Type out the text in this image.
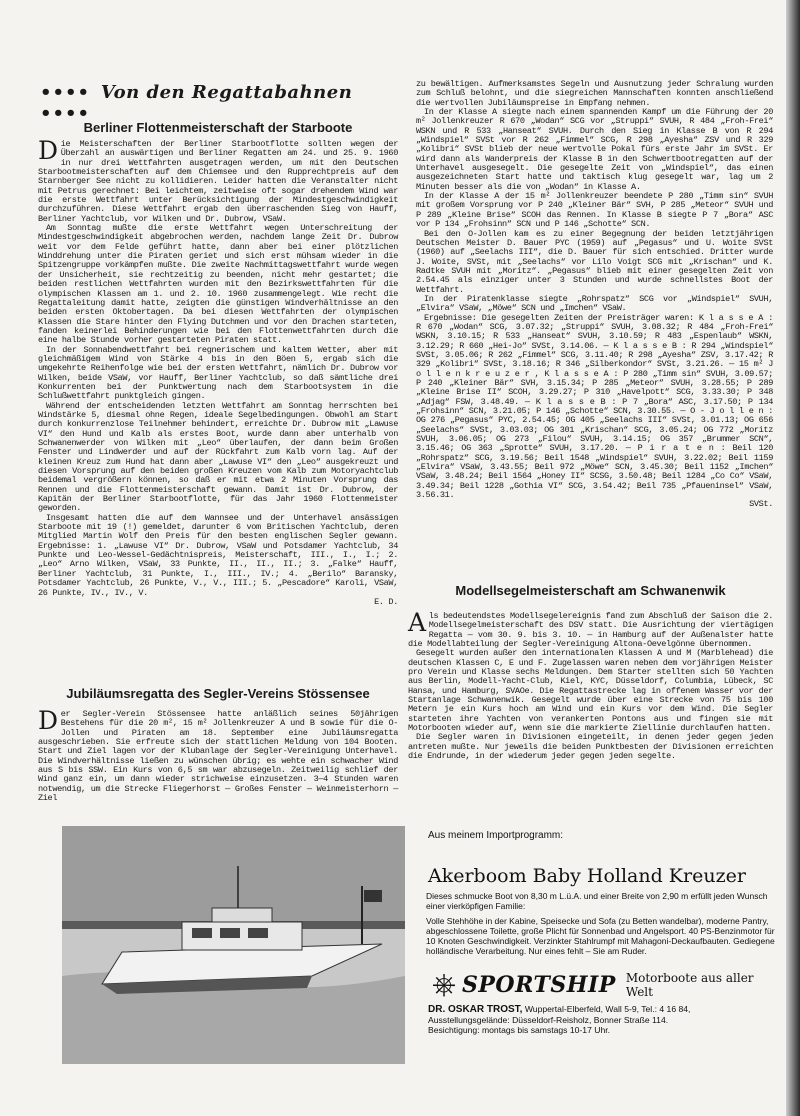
•••• Von den Regattabahnen ••••
Berliner Flottenmeisterschaft der Starboote

Die Meisterschaften der Berliner Starbootflotte sollten wegen der Überzahl an auswärtigen und Berliner Regatten am 24. und 25. 9. 1960 in nur drei Wettfahrten ausgetragen werden, um mit den Deutschen Starbootmeisterschaften auf dem Chiemsee und den Rupprechtpreis auf dem Starnberger See nicht zu kollidieren. Leider hatten die Veranstalter nicht mit Petrus gerechnet: Bei leichtem, zeitweise oft sogar drehendem Wind war die erste Wettfahrt unter Berücksichtigung der Mindestgeschwindigkeit durchzuführen. Diese Wettfahrt ergab den überraschenden Sieg von Hauff, Berliner Yachtclub, vor Wilken und Dr. Dubrow, VSaW.

Am Sonntag mußte die erste Wettfahrt wegen Unterschreitung der Mindestgeschwindigkeit abgebrochen werden, nachdem lange Zeit Dr. Dubrow weit vor dem Felde geführt hatte, dann aber bei einer plötzlichen Winddrehung unter die Piraten geriet und sich erst mühsam wieder in die Spitzengruppe vorkämpfen mußte. Die zweite Nachmittagswettfahrt wurde wegen der Unsicherheit, sie rechtzeitig zu beenden, nicht mehr gestartet; die beiden restlichen Wettfahrten wurden mit den Bezirkswettfahrten für die olympischen Klassen am 1. und 2. 10. 1960 zusammengelegt. Wie recht die Regattaleitung damit hatte, zeigten die günstigen Windverhältnisse an den beiden ersten Oktobertagen. Da bei diesen Wettfahrten der olympischen Klassen die Stare hinter den Flying Dutchmen und vor den Drachen starteten, fanden keinerlei Behinderungen wie bei den Flottenwettfahrten durch die eine halbe Stunde vorher gestarteten Piraten statt.

In der Sonnabendwettfahrt bei regnerischem und kaltem Wetter, aber mit gleichmäßigem Wind von Stärke 4 bis in den Böen 5, ergab sich die umgekehrte Reihenfolge wie bei der ersten Wettfahrt, nämlich Dr. Dubrow vor Wilken, beide VSaW, vor Hauff, Berliner Yachtclub, so daß sämtliche drei Konkurrenten bei der Punktwertung nach dem Starbootsystem in die Schlußwettfahrt punktgleich gingen.

Während der entscheidenden letzten Wettfahrt am Sonntag herrschten bei Windstärke 5, diesmal ohne Regen, ideale Segelbedingungen. Obwohl am Start durch konkurrenzlose Teilnehmer behindert, erreichte Dr. Dubrow mit „Lawuse VI“ den Hund und Kalb als erstes Boot, wurde dann aber unterhalb von Schwanenwerder von Wilken mit „Leo“ überlaufen, der dann beim Großen Fenster und Lindwerder und auf der Rückfahrt zum Kalb vorn lag. Auf der kleinen Kreuz zum Hund hat dann aber „Lawuse VI“ den „Leo“ ausgekreuzt und diesen Vorsprung auf den beiden großen Kreuzen vom Kalb zum Motoryachtclub beidemal vergrößern können, so daß er mit etwa 2 Minuten Vorsprung das Rennen und die Flottenmeisterschaft gewann. Damit ist Dr. Dubrow, der Kapitän der Berliner Starbootflotte, für das Jahr 1960 Flottenmeister geworden.

Insgesamt hatten die auf dem Wannsee und der Unterhavel ansässigen Starboote mit 19 (!) gemeldet, darunter 6 vom Britischen Yachtclub, deren Mitglied Martin Wolf den Preis für den besten englischen Segler gewann. Ergebnisse: 1. „Lawuse VI“ Dr. Dubrow, VSaW und Potsdamer Yachtclub, 34 Punkte und Leo-Wessel-Gedächtnispreis, Meisterschaft, III., I., I.; 2. „Leo“ Arno Wilken, VSaW, 33 Punkte, II., II., II.; 3. „Falke“ Hauff, Berliner Yachtclub, 31 Punkte, I., III., IV.; 4. „Berilo“ Baransky, Potsdamer Yachtclub, 26 Punkte, V., V., III.; 5. „Pescadore“ Karoli, VSaW, 26 Punkte, IV., IV., V.

E. D.
Jubiläumsregatta des Segler-Vereins Stössensee

Der Segler-Verein Stössensee hatte anläßlich seines 50jährigen Bestehens für die 20 m², 15 m² Jollenkreuzer A und B sowie für die O-Jollen und Piraten am 18. September eine Jubiläumsregatta ausgeschrieben. Sie erfreute sich der stattlichen Meldung von 104 Booten. Start und Ziel lagen vor der Klubanlage der Segler-Vereinigung Unterhavel. Die Windverhältnisse ließen zu wünschen übrig; es wehte ein schwacher Wind aus S bis SSW. Ein Kurs von 6,5 sm war abzusegeln. Zeitweilig schlief der Wind ganz ein, um dann wieder strichweise einzusetzen. 3—4 Stunden waren notwendig, um die Strecke Fliegerhorst — Großes Fenster — Weinmeisterhorn — Ziel

zu bewältigen. Aufmerksamstes Segeln und Ausnutzung jeder Schralung wurden zum Schluß belohnt, und die siegreichen Mannschaften konnten anschließend die wertvollen Jubiläumspreise in Empfang nehmen.

In der Klasse A siegte nach einem spannenden Kampf um die Führung der 20 m² Jollenkreuzer R 670 „Wodan“ SCG vor „Struppi“ SVUH, R 484 „Froh-Frei“ WSKN und R 533 „Hanseat“ SVUH. Durch den Sieg in Klasse B von R 294 „Windspiel“ SVSt vor R 262 „Fimmel“ SCG, R 298 „Ayesha“ ZSV und R 329 „Kolibri“ SVSt blieb der neue wertvolle Pokal fürs erste Jahr im SVSt. Er wird dann als Wanderpreis der Klasse B in den Schwertbootregatten auf der Unterhavel ausgesegelt. Die gesegelte Zeit von „Windspiel“, das einen ausgezeichneten Start hatte und taktisch klug gesegelt war, lag um 2 Minuten besser als die von „Wodan“ in Klasse A.

In der Klasse A der 15 m² Jollenkreuzer beendete P 280 „Timm sin“ SVUH mit großem Vorsprung vor P 240 „Kleiner Bär“ SVH, P 285 „Meteor“ SVUH und P 289 „Kleine Brise“ SCOH das Rennen. In Klasse B siegte P 7 „Bora“ ASC vor P 134 „Frohsinn“ SCN und P 146 „Schotte“ SCN.

Bei den O-Jollen kam es zu einer Begegnung der beiden letztjährigen Deutschen Meister D. Bauer PYC (1959) auf „Pegasus“ und U. Woite SVSt (1960) auf „Seelachs III“, die D. Bauer für sich entschied. Dritter wurde J. Woite, SVSt, mit „Seelachs“ vor Lilo Voigt SCG mit „Krischan“ und K. Radtke SVUH mit „Moritz“. „Pegasus“ blieb mit einer gesegelten Zeit von 2.54.45 als einziger unter 3 Stunden und wurde schnellstes Boot der Wettfahrt.

In der Piratenklasse siegte „Rohrspatz“ SCG vor „Windspiel“ SVUH, „Elvira“ VSaW, „Möwe“ SCN und „Imchen“ VSaW.

Ergebnisse: Die gesegelten Zeiten der Preisträger waren: K l a s s e A : R 670 „Wodan“ SCG, 3.07.32; „Struppi“ SVUH, 3.08.32; R 484 „Froh-Frei“ WSKN, 3.10.15; R 533 „Hanseat“ SVUH, 3.10.59; R 483 „Espenlaub“ WSKN, 3.12.29; R 660 „Hei-Jo“ SVSt, 3.14.06. — K l a s s e B : R 294 „Windspiel“ SVSt, 3.05.06; R 262 „Fimmel“ SCG, 3.11.40; R 298 „Ayesha“ ZSV, 3.17.42; R 329 „Kolibri“ SVSt, 3.18.16; R 346 „Silberkondor“ SVSt, 3.21.26. — 15 m² J o l l e n k r e u z e r , K l a s s e A : P 280 „Timm sin“ SVUH, 3.09.57; P 240 „Kleiner Bär“ SVH, 3.15.34; P 285 „Meteor“ SVUH, 3.28.55; P 289 „Kleine Brise II“ SCOH, 3.29.27; P 310 „Havelpott“ SCG, 3.33.30; P 348 „Adjag“ FSW, 3.48.49. — K l a s s e B : P 7 „Bora“ ASC, 3.17.50; P 134 „Frohsinn“ SCN, 3.21.05; P 146 „Schotte“ SCN, 3.30.55. — O - J o l l e n : OG 276 „Pegasus“ PYC, 2.54.45; OG 405 „Seelachs III“ SVSt, 3.01.13; OG 656 „Seelachs“ SVSt, 3.03.03; OG 301 „Krischan“ SCG, 3.05.24; OG 772 „Moritz SVUH, 3.06.05; OG 273 „Filou“ SVUH, 3.14.15; OG 357 „Brummer SCN“, 3.15.46; OG 363 „Sprotte“ SVUH, 3.17.20. — P i r a t e n : Beil 120 „Rohrspatz“ SCG, 3.19.56; Beil 1548 „Windspiel“ SVUH, 3.22.02; Beil 1159 „Elvira“ VSaW, 3.43.55; Beil 972 „Möwe“ SCN, 3.45.30; Beil 1152 „Imchen“ VSaW, 3.48.24; Beil 1564 „Honey II“ SCSG, 3.50.48; Beil 1284 „Co Co“ VSaW, 3.49.34; Beil 1228 „Gothia VI“ SCG, 3.54.42; Beil 735 „Pfaueninsel“ VSaW, 3.56.31.

SVSt.
Modellsegelmeisterschaft am Schwanenwik

Als bedeutendstes Modellsegelereignis fand zum Abschluß der Saison die 2. Modellsegelmeisterschaft des DSV statt. Die Ausrichtung der viertägigen Regatta — vom 30. 9. bis 3. 10. — in Hamburg auf der Außenalster hatte die Modellabteilung der Segler-Vereinigung Altona-Oevelgönne übernommen.

Gesegelt wurden außer den internationalen Klassen A und M (Marblehead) die deutschen Klassen C, E und F. Zugelassen waren neben dem vorjährigen Meister pro Verein und Klasse sechs Meldungen. Dem Starter stellten sich 50 Yachten aus Berlin, Modell-Yacht-Club, Kiel, KYC, Düsseldorf, Columbia, Lübeck, SC Hansa, und Hamburg, SVAOe. Die Regattastrecke lag in offenem Wasser vor der Startanlage Schwanenwik. Gesegelt wurde über eine Strecke von 75 bis 100 Metern je ein Kurs hoch am Wind und ein Kurs vor dem Wind. Die Segler starteten ihre Yachten von verankerten Pontons aus und fingen sie mit Motorbooten wieder auf, wenn sie die markierte Ziellinie durchlaufen hatten.

Die Segler waren in Divisionen eingeteilt, in denen jeder gegen jeden antreten mußte. Nur jeweils die beiden Punktbesten der Divisionen erreichten die Endrunde, in der wiederum jeder gegen jeden segelte.

Aus meinem Importprogramm:
Akerboom Baby Holland Kreuzer
Dieses schmucke Boot von 8,30 m L.ü.A. und einer Breite von 2,90 m erfüllt jeden Wunsch einer vierköpfigen Familie:
Volle Stehhöhe in der Kabine, Speisecke und Sofa (zu Betten wandelbar), moderne Pantry, abgeschlossene Toilette, große Plicht für Sonnenbad und Angelsport. 40 PS-Benzinmotor für 10 Knoten Geschwindigkeit. Verzinkter Stahlrumpf mit Mahagoni-Deckaufbauten. Gediegene holländische Verarbeitung. Nur eines fehlt – Sie am Ruder.
⎈ SPORTSHIP Motorboote aus aller Welt
DR. OSKAR TROST, Wuppertal-Elberfeld, Wall 5-9, Tel.: 4 16 84,
Ausstellungsgelände: Düsseldorf-Reisholz, Bonner Straße 114.
Besichtigung: montags bis samstags 10-17 Uhr.
